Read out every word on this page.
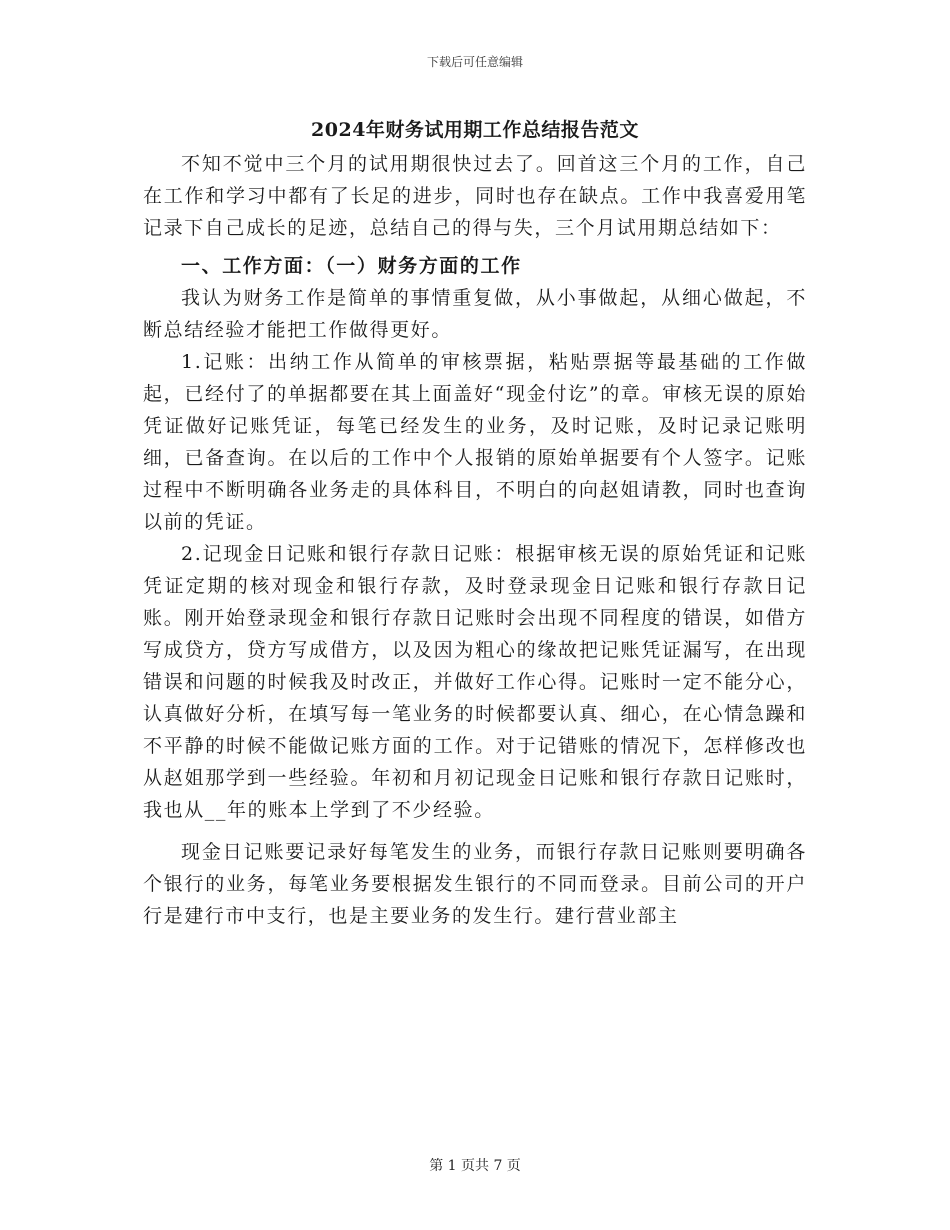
下载后可任意编辑
2024年财务试用期工作总结报告范文

不知不觉中三个月的试用期很快过去了。回首这三个月的工作，自己在工作和学习中都有了长足的进步，同时也存在缺点。工作中我喜爱用笔记录下自己成长的足迹，总结自己的得与失，三个月试用期总结如下：

一、工作方面：（一）财务方面的工作

我认为财务工作是简单的事情重复做，从小事做起，从细心做起，不断总结经验才能把工作做得更好。

1.记账：出纳工作从简单的审核票据，粘贴票据等最基础的工作做起，已经付了的单据都要在其上面盖好“现金付讫”的章。审核无误的原始凭证做好记账凭证，每笔已经发生的业务，及时记账，及时记录记账明细，已备查询。在以后的工作中个人报销的原始单据要有个人签字。记账过程中不断明确各业务走的具体科目，不明白的向赵姐请教，同时也查询以前的凭证。

2.记现金日记账和银行存款日记账：根据审核无误的原始凭证和记账凭证定期的核对现金和银行存款，及时登录现金日记账和银行存款日记账。刚开始登录现金和银行存款日记账时会出现不同程度的错误，如借方写成贷方，贷方写成借方，以及因为粗心的缘故把记账凭证漏写，在出现错误和问题的时候我及时改正，并做好工作心得。记账时一定不能分心，认真做好分析，在填写每一笔业务的时候都要认真、细心，在心情急躁和不平静的时候不能做记账方面的工作。对于记错账的情况下，怎样修改也从赵姐那学到一些经验。年初和月初记现金日记账和银行存款日记账时，我也从__年的账本上学到了不少经验。

现金日记账要记录好每笔发生的业务，而银行存款日记账则要明确各个银行的业务，每笔业务要根据发生银行的不同而登录。目前公司的开户行是建行市中支行，也是主要业务的发生行。建行营业部主

第 1 页共 7 页
